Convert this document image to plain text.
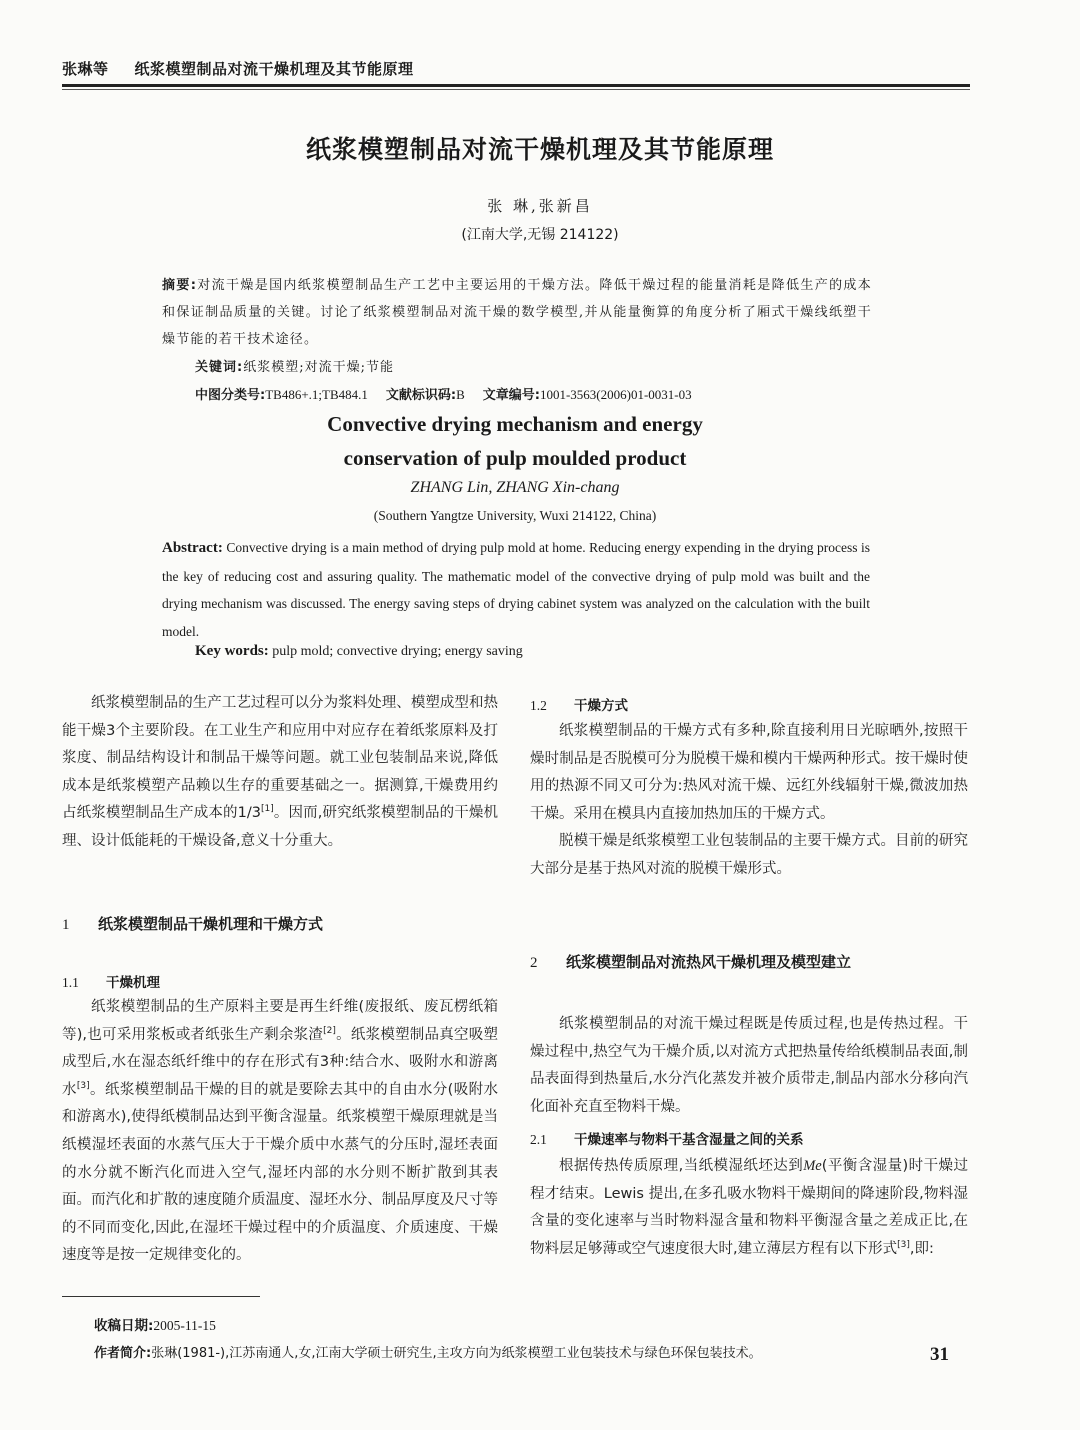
张琳等 纸浆模塑制品对流干燥机理及其节能原理
纸浆模塑制品对流干燥机理及其节能原理
张 琳,张新昌
(江南大学,无锡 214122)
摘要:对流干燥是国内纸浆模塑制品生产工艺中主要运用的干燥方法。降低干燥过程的能量消耗是降低生产的成本和保证制品质量的关键。讨论了纸浆模塑制品对流干燥的数学模型,并从能量衡算的角度分析了厢式干燥线纸塑干燥节能的若干技术途径。
关键词:纸浆模塑;对流干燥;节能
中图分类号:TB486+.1;TB484.1 文献标识码:B 文章编号:1001-3563(2006)01-0031-03
Convective drying mechanism and energy
conservation of pulp moulded product
ZHANG Lin, ZHANG Xin-chang
(Southern Yangtze University, Wuxi 214122, China)
Abstract: Convective drying is a main method of drying pulp mold at home. Reducing energy expending in the drying process is the key of reducing cost and assuring quality. The mathematic model of the convective drying of pulp mold was built and the drying mechanism was discussed. The energy saving steps of drying cabinet system was analyzed on the calculation with the built model.
Key words: pulp mold; convective drying; energy saving

纸浆模塑制品的生产工艺过程可以分为浆料处理、模塑成型和热能干燥3个主要阶段。在工业生产和应用中对应存在着纸浆原料及打浆度、制品结构设计和制品干燥等问题。就工业包装制品来说,降低成本是纸浆模塑产品赖以生存的重要基础之一。据测算,干燥费用约占纸浆模塑制品生产成本的1/3[1]。因而,研究纸浆模塑制品的干燥机理、设计低能耗的干燥设备,意义十分重大。

1 纸浆模塑制品干燥机理和干燥方式
1.1 干燥机理

纸浆模塑制品的生产原料主要是再生纤维(废报纸、废瓦楞纸箱等),也可采用浆板或者纸张生产剩余浆渣[2]。纸浆模塑制品真空吸塑成型后,水在湿态纸纤维中的存在形式有3种:结合水、吸附水和游离水[3]。纸浆模塑制品干燥的目的就是要除去其中的自由水分(吸附水和游离水),使得纸模制品达到平衡含湿量。纸浆模塑干燥原理就是当纸模湿坯表面的水蒸气压大于干燥介质中水蒸气的分压时,湿坯表面的水分就不断汽化而进入空气,湿坯内部的水分则不断扩散到其表面。而汽化和扩散的速度随介质温度、湿坯水分、制品厚度及尺寸等的不同而变化,因此,在湿坯干燥过程中的介质温度、介质速度、干燥速度等是按一定规律变化的。

1.2 干燥方式

纸浆模塑制品的干燥方式有多种,除直接利用日光晾晒外,按照干燥时制品是否脱模可分为脱模干燥和模内干燥两种形式。按干燥时使用的热源不同又可分为:热风对流干燥、远红外线辐射干燥,微波加热干燥。采用在模具内直接加热加压的干燥方式。

脱模干燥是纸浆模塑工业包装制品的主要干燥方式。目前的研究大部分是基于热风对流的脱模干燥形式。

2 纸浆模塑制品对流热风干燥机理及模型建立

纸浆模塑制品的对流干燥过程既是传质过程,也是传热过程。干燥过程中,热空气为干燥介质,以对流方式把热量传给纸模制品表面,制品表面得到热量后,水分汽化蒸发并被介质带走,制品内部水分移向汽化面补充直至物料干燥。

2.1 干燥速率与物料干基含湿量之间的关系

根据传热传质原理,当纸模湿纸坯达到Me(平衡含湿量)时干燥过程才结束。Lewis 提出,在多孔吸水物料干燥期间的降速阶段,物料湿含量的变化速率与当时物料湿含量和物料平衡湿含量之差成正比,在物料层足够薄或空气速度很大时,建立薄层方程有以下形式[3],即:

收稿日期:2005-11-15
作者简介:张琳(1981-),江苏南通人,女,江南大学硕士研究生,主攻方向为纸浆模塑工业包装技术与绿色环保包装技术。	31
